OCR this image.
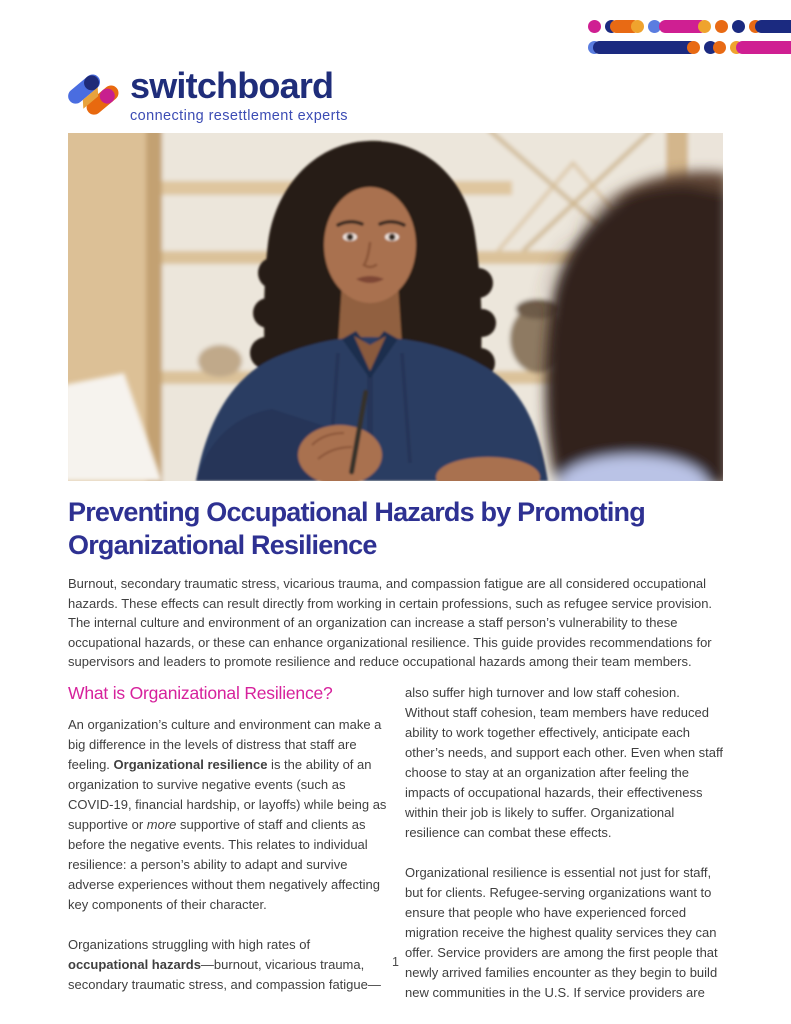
switchboard
connecting resettlement experts
Preventing Occupational Hazards by Promoting
Organizational Resilience

Burnout, secondary traumatic stress, vicarious trauma, and compassion fatigue are all considered occupational hazards. These effects can result directly from working in certain professions, such as refugee service provision. The internal culture and environment of an organization can increase a staff person’s vulnerability to these occupational hazards, or these can enhance organizational resilience. This guide provides recommendations for supervisors and leaders to promote resilience and reduce occupational hazards among their team members.

What is Organizational Resilience?

An organization’s culture and environment can make a big difference in the levels of distress that staff are feeling. Organizational resilience is the ability of an organization to survive negative events (such as COVID-19, financial hardship, or layoffs) while being as supportive or more supportive of staff and clients as before the negative events. This relates to individual resilience: a person’s ability to adapt and survive adverse experiences without them negatively affecting key components of their character.

Organizations struggling with high rates of occupational hazards—burnout, vicarious trauma, secondary traumatic stress, and compassion fatigue—

also suffer high turnover and low staff cohesion. Without staff cohesion, team members have reduced ability to work together effectively, anticipate each other’s needs, and support each other. Even when staff choose to stay at an organization after feeling the impacts of occupational hazards, their effectiveness within their job is likely to suffer. Organizational resilience can combat these effects.

Organizational resilience is essential not just for staff, but for clients. Refugee-serving organizations want to ensure that people who have experienced forced migration receive the highest quality services they can offer. Service providers are among the first people that newly arrived families encounter as they begin to build new communities in the U.S. If service providers are

1
